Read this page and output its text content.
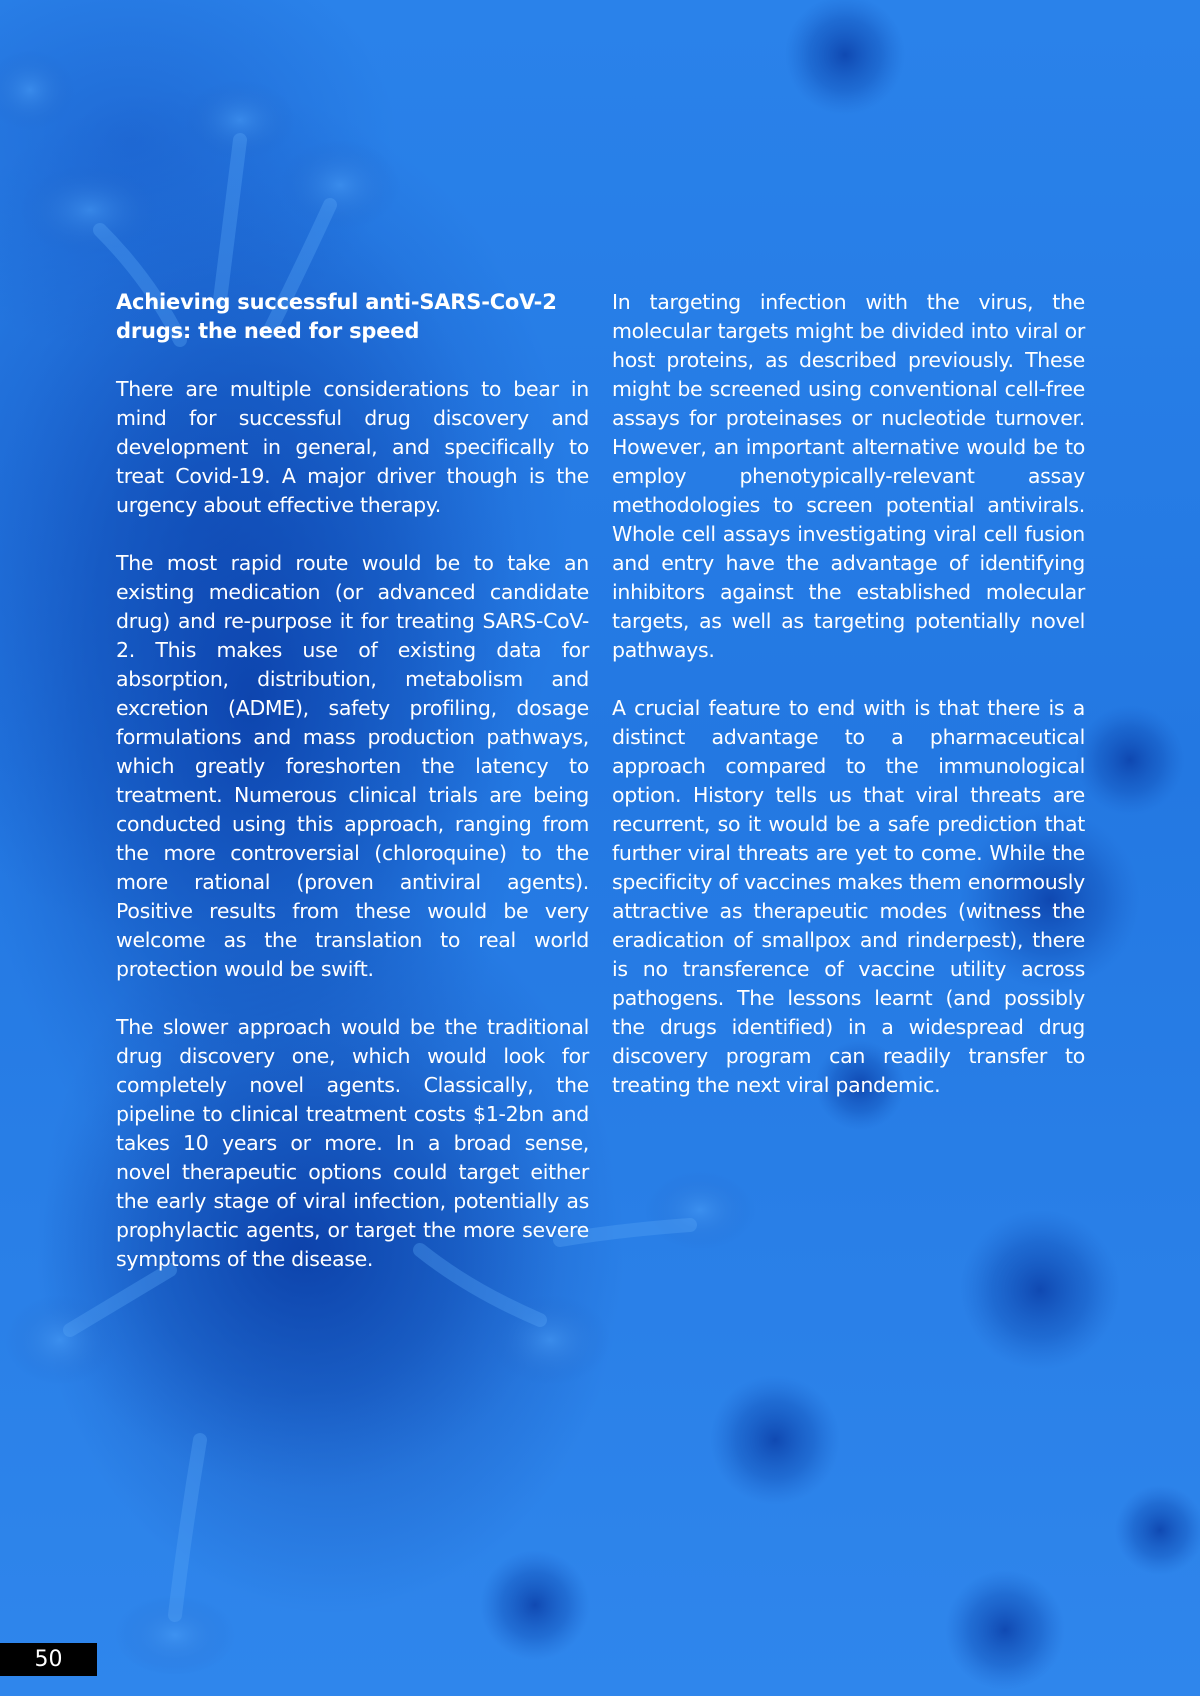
Achieving successful anti-SARS-CoV-2 drugs: the need for speed

There are multiple considerations to bear in mind for successful drug discovery and development in general, and specifically to treat Covid-19. A major driver though is the urgency about effective therapy.

The most rapid route would be to take an existing medication (or advanced candidate drug) and re-purpose it for treating SARS-CoV-2. This makes use of existing data for absorption, distribution, metabolism and excretion (ADME), safety profiling, dosage formulations and mass production pathways, which greatly foreshorten the latency to treatment. Numerous clinical trials are being conducted using this approach, ranging from the more controversial (chloroquine) to the more rational (proven antiviral agents). Positive results from these would be very welcome as the translation to real world protection would be swift.

The slower approach would be the traditional drug discovery one, which would look for completely novel agents. Classically, the pipeline to clinical treatment costs $1-2bn and takes 10 years or more. In a broad sense, novel therapeutic options could target either the early stage of viral infection, potentially as prophylactic agents, or target the more severe symptoms of the disease.

In targeting infection with the virus, the molecular targets might be divided into viral or host proteins, as described previously. These might be screened using conventional cell-free assays for proteinases or nucleotide turnover. However, an important alternative would be to employ phenotypically-relevant assay methodologies to screen potential antivirals. Whole cell assays investigating viral cell fusion and entry have the advantage of identifying inhibitors against the established molecular targets, as well as targeting potentially novel pathways.

A crucial feature to end with is that there is a distinct advantage to a pharmaceutical approach compared to the immunological option. History tells us that viral threats are recurrent, so it would be a safe prediction that further viral threats are yet to come. While the specificity of vaccines makes them enormously attractive as therapeutic modes (witness the eradication of smallpox and rinderpest), there is no transference of vaccine utility across pathogens. The lessons learnt (and possibly the drugs identified) in a widespread drug discovery program can readily transfer to treating the next viral pandemic.

50
